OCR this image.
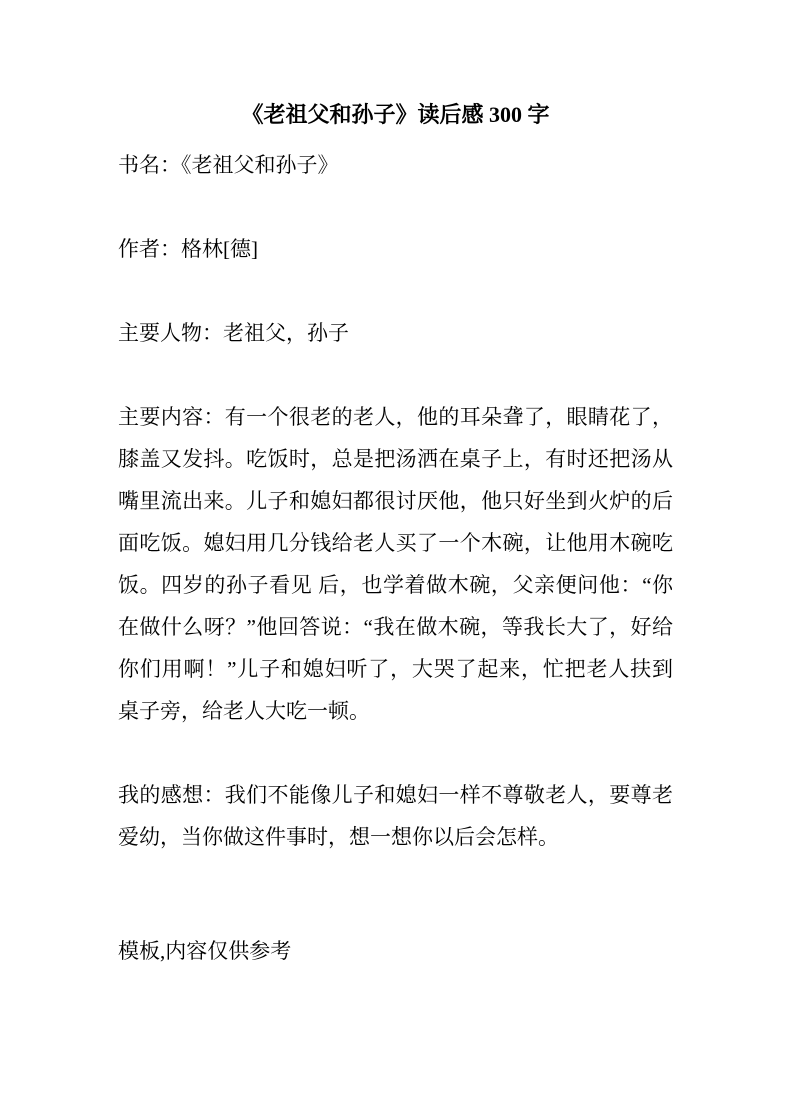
《老祖父和孙子》读后感 300 字

书名：《老祖父和孙子》

作者：格林[德]

主要人物：老祖父，孙子

主要内容：有一个很老的老人，他的耳朵聋了，眼睛花了，膝盖又发抖。吃饭时，总是把汤洒在桌子上，有时还把汤从嘴里流出来。儿子和媳妇都很讨厌他，他只好坐到火炉的后面吃饭。媳妇用几分钱给老人买了一个木碗，让他用木碗吃饭。四岁的孙子看见 后，也学着做木碗，父亲便问他：“你在做什么呀？”他回答说：“我在做木碗，等我长大了，好给你们用啊！”儿子和媳妇听了，大哭了起来，忙把老人扶到桌子旁，给老人大吃一顿。

我的感想：我们不能像儿子和媳妇一样不尊敬老人，要尊老爱幼，当你做这件事时，想一想你以后会怎样。

模板,内容仅供参考
